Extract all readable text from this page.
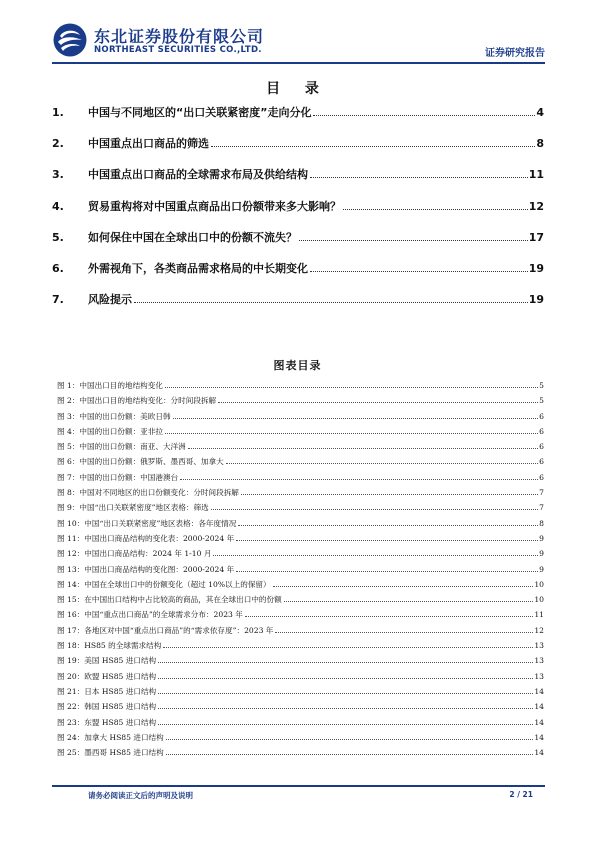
东北证券股份有限公司
NORTHEAST SECURITIES CO.,LTD.	证券研究报告
目 录
1.	中国与不同地区的“出口关联紧密度”走向分化	4
2.	中国重点出口商品的筛选	8
3.	中国重点出口商品的全球需求布局及供给结构	11
4.	贸易重构将对中国重点商品出口份额带来多大影响？	12
5.	如何保住中国在全球出口中的份额不流失？	17
6.	外需视角下，各类商品需求格局的中长期变化	19
7.	风险提示	19
图表目录
图 1：中国出口目的地结构变化	5
图 2：中国出口目的地结构变化：分时间段拆解	5
图 3：中国的出口份额：美欧日韩	6
图 4：中国的出口份额：亚非拉	6
图 5：中国的出口份额：南亚、大洋洲	6
图 6：中国的出口份额：俄罗斯、墨西哥、加拿大	6
图 7：中国的出口份额：中国港澳台	6
图 8：中国对不同地区的出口份额变化：分时间段拆解	7
图 9：中国“出口关联紧密度”地区表格：筛选	7
图 10：中国“出口关联紧密度”地区表格：各年度情况	8
图 11：中国出口商品结构的变化表：2000-2024 年	9
图 12：中国出口商品结构：2024 年 1-10 月	9
图 13：中国出口商品结构的变化图：2000-2024 年	9
图 14：中国在全球出口中的份额变化（超过 10%以上的保留）	10
图 15：在中国出口结构中占比较高的商品，其在全球出口中的份额	10
图 16：中国“重点出口商品”的全球需求分布：2023 年	11
图 17：各地区对中国“重点出口商品”的“需求依存度”：2023 年	12
图 18：HS85 的全球需求结构	13
图 19：美国 HS85 进口结构	13
图 20：欧盟 HS85 进口结构	13
图 21：日本 HS85 进口结构	14
图 22：韩国 HS85 进口结构	14
图 23：东盟 HS85 进口结构	14
图 24：加拿大 HS85 进口结构	14
图 25：墨西哥 HS85 进口结构	14
请务必阅读正文后的声明及说明	2 / 21
